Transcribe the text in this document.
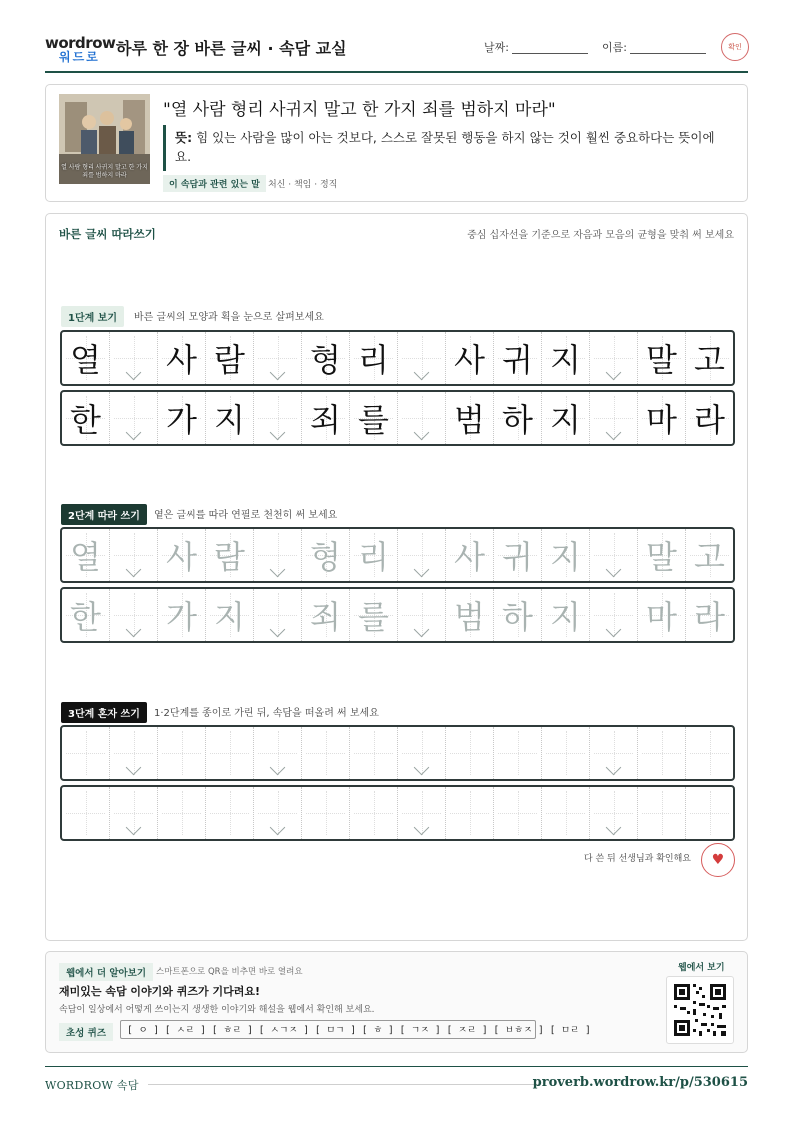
wordrow
워드로	하루 한 장 바른 글씨 · 속담 교실	날짜:	이름:	확인
열 사람 형리 사귀지 말고 한 가지 죄를 범하지 마라
"열 사람 형리 사귀지 말고 한 가지 죄를 범하지 마라"
뜻: 힘 있는 사람을 많이 아는 것보다, 스스로 잘못된 행동을 하지 않는 것이 훨씬 중요하다는 뜻이에요.
이 속담과 관련 있는 말 처신 · 책임 · 정직
바른 글씨 따라쓰기	중심 십자선을 기준으로 자음과 모음의 균형을 맞춰 써 보세요
1단계 보기	바른 글씨의 모양과 획을 눈으로 살펴보세요
열 사 람 형 리 사 귀 지 말 고
한 가 지 죄 를 범 하 지 마 라
2단계 따라 쓰기	옅은 글씨를 따라 연필로 천천히 써 보세요
열 사 람 형 리 사 귀 지 말 고
한 가 지 죄 를 범 하 지 마 라
3단계 혼자 쓰기	1·2단계를 종이로 가린 뒤, 속담을 떠올려 써 보세요
다 쓴 뒤 선생님과 확인해요	♥
웹에서 더 알아보기	스마트폰으로 QR을 비추면 바로 열려요
재미있는 속담 이야기와 퀴즈가 기다려요!
속담이 일상에서 어떻게 쓰이는지 생생한 이야기와 해설을 웹에서 확인해 보세요.
초성 퀴즈	[ ㅇ ] [ ㅅㄹ ] [ ㅎㄹ ] [ ㅅㄱㅈ ] [ ㅁㄱ ] [ ㅎ ] [ ㄱㅈ ] [ ㅈㄹ ] [ ㅂㅎㅈ ] [ ㅁㄹ ]
웹에서 보기
WORDROW 속담	proverb.wordrow.kr/p/530615
